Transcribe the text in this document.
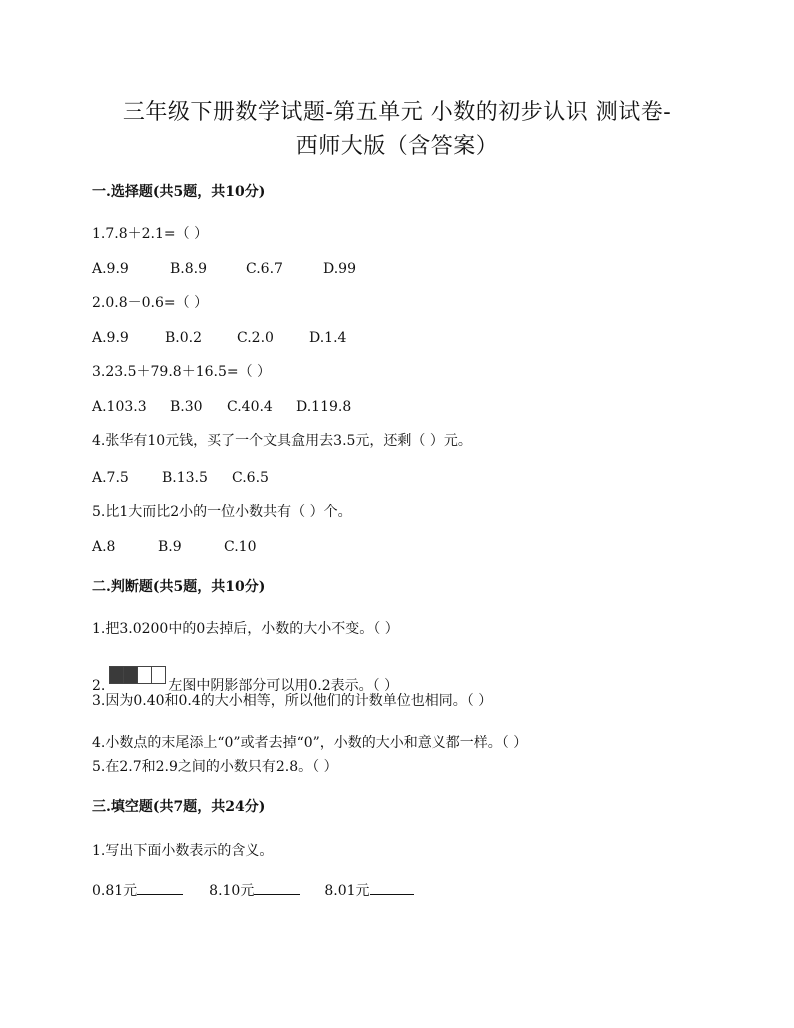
三年级下册数学试题-第五单元 小数的初步认识 测试卷-
西师大版（含答案）
一.选择题(共5题，共10分)
1.7.8＋2.1=（ ）
A.9.9	B.8.9	C.6.7	D.99
2.0.8－0.6=（ ）
A.9.9	B.0.2 C.2.0	D.1.4
3.23.5＋79.8＋16.5=（ ）
A.103.3 B.30 C.40.4 D.119.8
4.张华有10元钱，买了一个文具盒用去3.5元，还剩（ ）元。
A.7.5 B.13.5 C.6.5
5.比1大而比2小的一位小数共有（ ）个。
A.8	B.9	C.10
二.判断题(共5题，共10分)
1.把3.0200中的0去掉后，小数的大小不变。（ ）
2.				左图中阴影部分可以用0.2表示。（ ）
3.因为0.40和0.4的大小相等，所以他们的计数单位也相同。（ ）
4.小数点的末尾添上“0”或者去掉“0”，小数的大小和意义都一样。（ ）
5.在2.7和2.9之间的小数只有2.8。（ ）
三.填空题(共7题，共24分)
1.写出下面小数表示的含义。
0.81元	8.10元	8.01元
